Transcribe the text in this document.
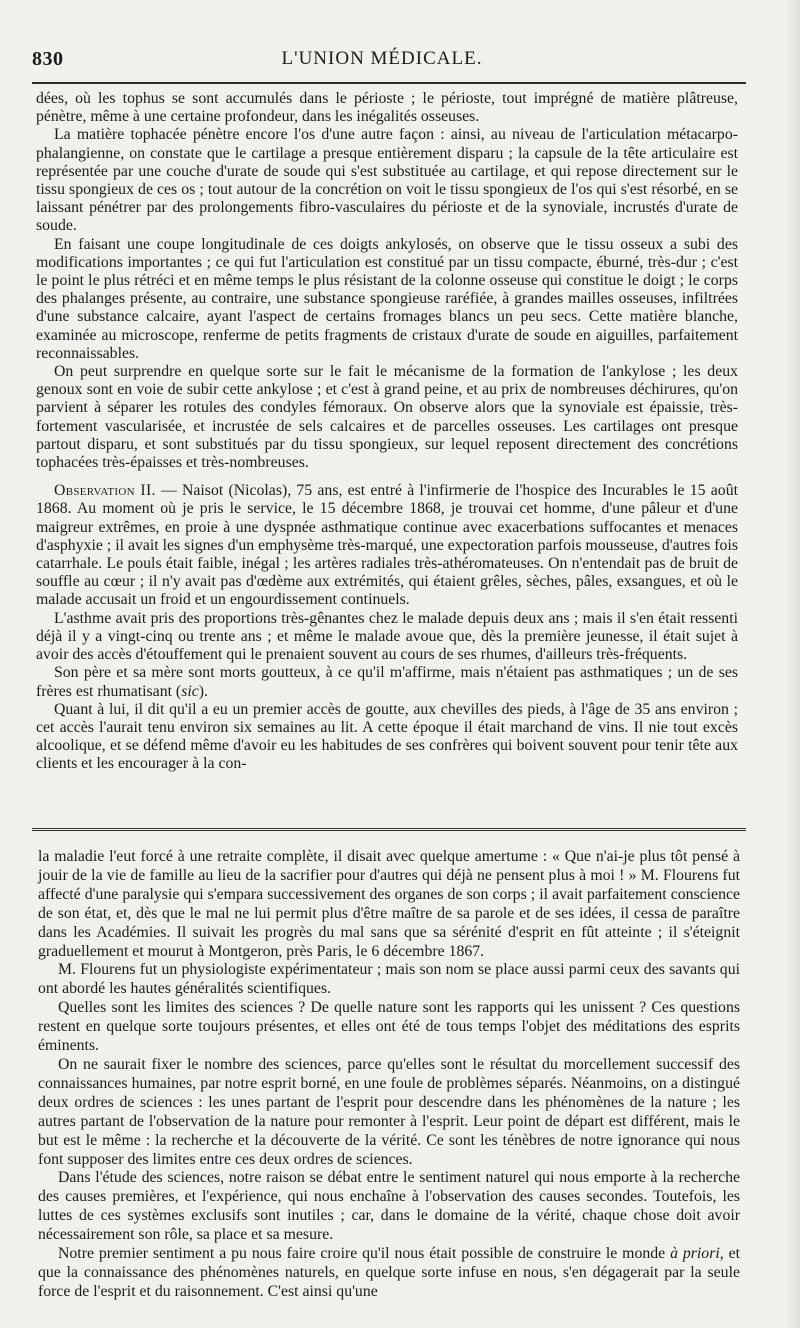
830	L'UNION MÉDICALE.

dées, où les tophus se sont accumulés dans le périoste ; le périoste, tout imprégné de matière plâtreuse, pénètre, même à une certaine profondeur, dans les inégalités osseuses.

La matière tophacée pénètre encore l'os d'une autre façon : ainsi, au niveau de l'articulation métacarpo-phalangienne, on constate que le cartilage a presque entièrement disparu ; la capsule de la tête articulaire est représentée par une couche d'urate de soude qui s'est substituée au cartilage, et qui repose directement sur le tissu spongieux de ces os ; tout autour de la concrétion on voit le tissu spongieux de l'os qui s'est résorbé, en se laissant pénétrer par des prolongements fibro-vasculaires du périoste et de la synoviale, incrustés d'urate de soude.

En faisant une coupe longitudinale de ces doigts ankylosés, on observe que le tissu osseux a subi des modifications importantes ; ce qui fut l'articulation est constitué par un tissu compacte, éburné, très-dur ; c'est le point le plus rétréci et en même temps le plus résistant de la colonne osseuse qui constitue le doigt ; le corps des phalanges présente, au contraire, une substance spongieuse raréfiée, à grandes mailles osseuses, infiltrées d'une substance calcaire, ayant l'aspect de certains fromages blancs un peu secs. Cette matière blanche, examinée au microscope, renferme de petits fragments de cristaux d'urate de soude en aiguilles, parfaitement reconnaissables.

On peut surprendre en quelque sorte sur le fait le mécanisme de la formation de l'ankylose ; les deux genoux sont en voie de subir cette ankylose ; et c'est à grand peine, et au prix de nombreuses déchirures, qu'on parvient à séparer les rotules des condyles fémoraux. On observe alors que la synoviale est épaissie, très-fortement vascularisée, et incrustée de sels calcaires et de parcelles osseuses. Les cartilages ont presque partout disparu, et sont substitués par du tissu spongieux, sur lequel reposent directement des concrétions tophacées très-épaisses et très-nombreuses.

Observation II. — Naisot (Nicolas), 75 ans, est entré à l'infirmerie de l'hospice des Incurables le 15 août 1868. Au moment où je pris le service, le 15 décembre 1868, je trouvai cet homme, d'une pâleur et d'une maigreur extrêmes, en proie à une dyspnée asthmatique continue avec exacerbations suffocantes et menaces d'asphyxie ; il avait les signes d'un emphysème très-marqué, une expectoration parfois mousseuse, d'autres fois catarrhale. Le pouls était faible, inégal ; les artères radiales très-athéromateuses. On n'entendait pas de bruit de souffle au cœur ; il n'y avait pas d'œdème aux extrémités, qui étaient grêles, sèches, pâles, exsangues, et où le malade accusait un froid et un engourdissement continuels.

L'asthme avait pris des proportions très-gênantes chez le malade depuis deux ans ; mais il s'en était ressenti déjà il y a vingt-cinq ou trente ans ; et même le malade avoue que, dès la première jeunesse, il était sujet à avoir des accès d'étouffement qui le prenaient souvent au cours de ses rhumes, d'ailleurs très-fréquents.

Son père et sa mère sont morts goutteux, à ce qu'il m'affirme, mais n'étaient pas asthmatiques ; un de ses frères est rhumatisant (sic).

Quant à lui, il dit qu'il a eu un premier accès de goutte, aux chevilles des pieds, à l'âge de 35 ans environ ; cet accès l'aurait tenu environ six semaines au lit. A cette époque il était marchand de vins. Il nie tout excès alcoolique, et se défend même d'avoir eu les habitudes de ses confrères qui boivent souvent pour tenir tête aux clients et les encourager à la con-

la maladie l'eut forcé à une retraite complète, il disait avec quelque amertume : « Que n'ai-je plus tôt pensé à jouir de la vie de famille au lieu de la sacrifier pour d'autres qui déjà ne pensent plus à moi ! » M. Flourens fut affecté d'une paralysie qui s'empara successivement des organes de son corps ; il avait parfaitement conscience de son état, et, dès que le mal ne lui permit plus d'être maître de sa parole et de ses idées, il cessa de paraître dans les Académies. Il suivait les progrès du mal sans que sa sérénité d'esprit en fût atteinte ; il s'éteignit graduellement et mourut à Montgeron, près Paris, le 6 décembre 1867.

M. Flourens fut un physiologiste expérimentateur ; mais son nom se place aussi parmi ceux des savants qui ont abordé les hautes généralités scientifiques.

Quelles sont les limites des sciences ? De quelle nature sont les rapports qui les unissent ? Ces questions restent en quelque sorte toujours présentes, et elles ont été de tous temps l'objet des méditations des esprits éminents.

On ne saurait fixer le nombre des sciences, parce qu'elles sont le résultat du morcellement successif des connaissances humaines, par notre esprit borné, en une foule de problèmes séparés. Néanmoins, on a distingué deux ordres de sciences : les unes partant de l'esprit pour descendre dans les phénomènes de la nature ; les autres partant de l'observation de la nature pour remonter à l'esprit. Leur point de départ est différent, mais le but est le même : la recherche et la découverte de la vérité. Ce sont les ténèbres de notre ignorance qui nous font supposer des limites entre ces deux ordres de sciences.

Dans l'étude des sciences, notre raison se débat entre le sentiment naturel qui nous emporte à la recherche des causes premières, et l'expérience, qui nous enchaîne à l'observation des causes secondes. Toutefois, les luttes de ces systèmes exclusifs sont inutiles ; car, dans le domaine de la vérité, chaque chose doit avoir nécessairement son rôle, sa place et sa mesure.

Notre premier sentiment a pu nous faire croire qu'il nous était possible de construire le monde à priori, et que la connaissance des phénomènes naturels, en quelque sorte infuse en nous, s'en dégagerait par la seule force de l'esprit et du raisonnement. C'est ainsi qu'une
